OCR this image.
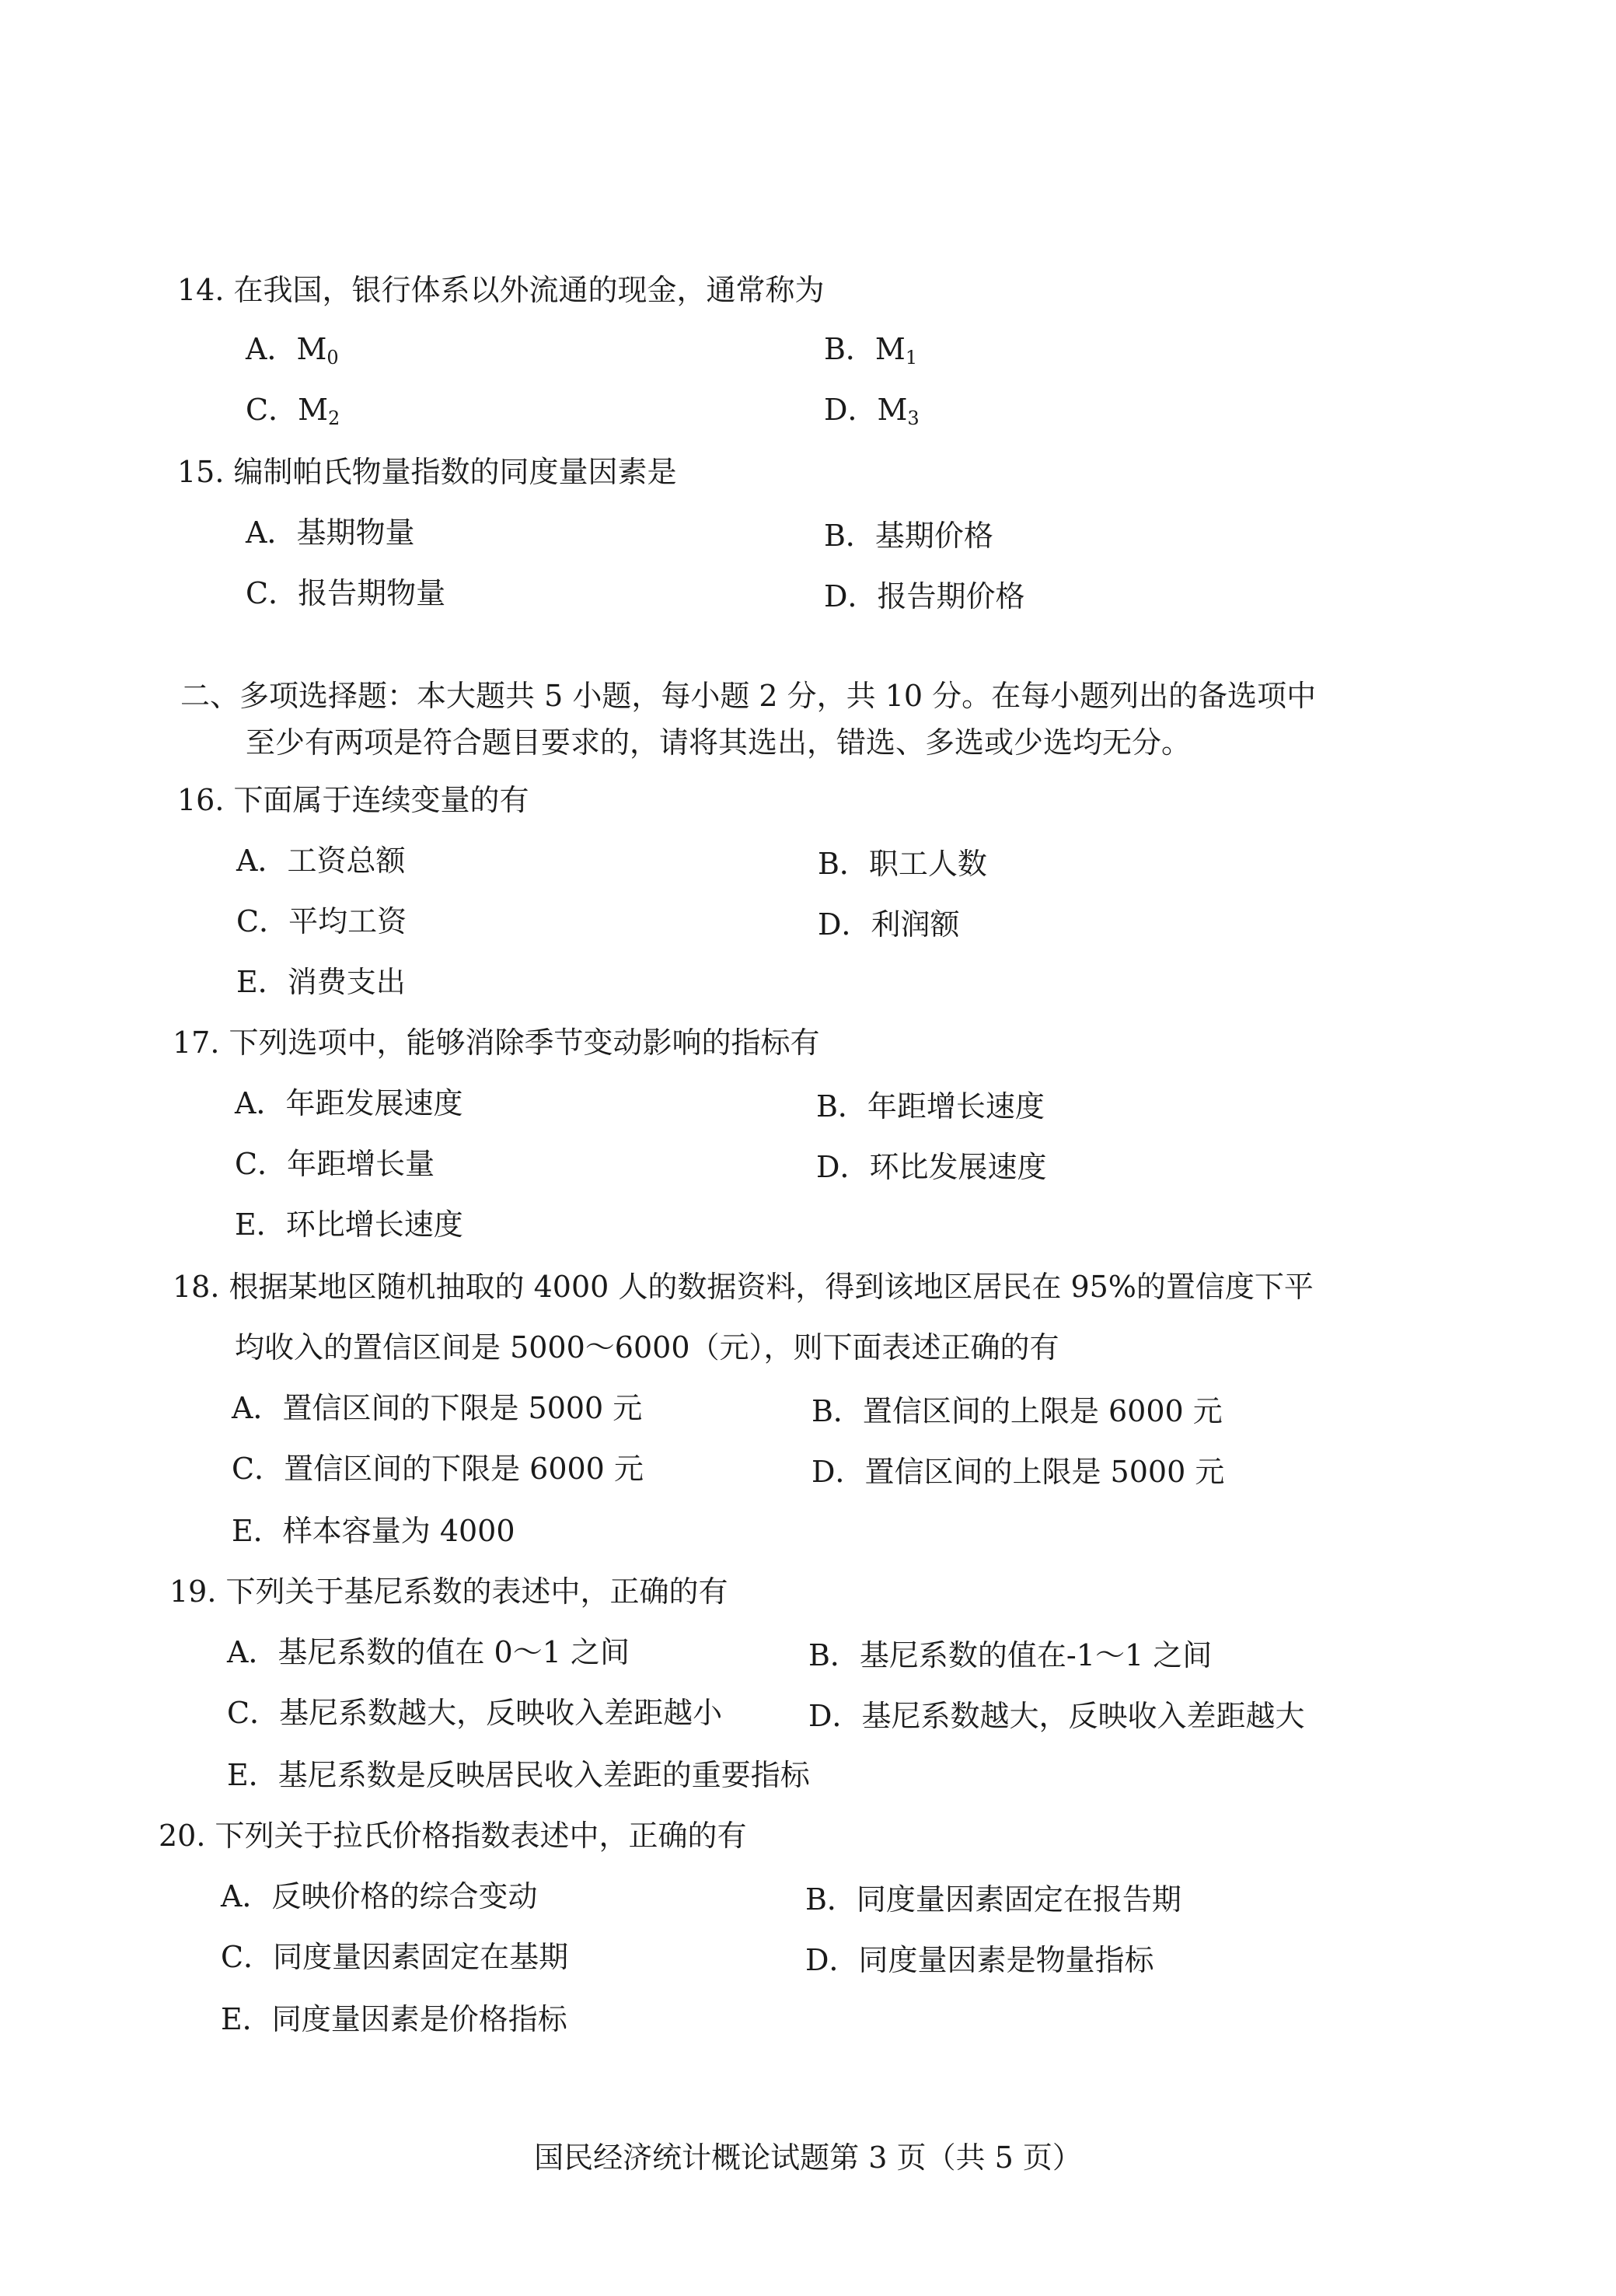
14. 在我国，银行体系以外流通的现金，通常称为
A．$M_0$	B．$M_1$
C．$M_2$	D．$M_3$
15. 编制帕氏物量指数的同度量因素是
A．基期物量	B．基期价格
C．报告期物量	D．报告期价格
二、多项选择题：本大题共 5 小题，每小题 2 分，共 10 分。在每小题列出的备选项中
至少有两项是符合题目要求的，请将其选出，错选、多选或少选均无分。
16. 下面属于连续变量的有
A．工资总额	B．职工人数
C．平均工资	D．利润额
E．消费支出
17. 下列选项中，能够消除季节变动影响的指标有
A．年距发展速度	B．年距增长速度
C．年距增长量	D．环比发展速度
E．环比增长速度
18. 根据某地区随机抽取的 4000 人的数据资料，得到该地区居民在 95%的置信度下平
均收入的置信区间是 5000～6000（元），则下面表述正确的有
A．置信区间的下限是 5000 元	B．置信区间的上限是 6000 元
C．置信区间的下限是 6000 元	D．置信区间的上限是 5000 元
E．样本容量为 4000
19. 下列关于基尼系数的表述中，正确的有
A．基尼系数的值在 0～1 之间	B．基尼系数的值在-1～1 之间
C．基尼系数越大，反映收入差距越小	D．基尼系数越大，反映收入差距越大
E．基尼系数是反映居民收入差距的重要指标
20. 下列关于拉氏价格指数表述中，正确的有
A．反映价格的综合变动	B．同度量因素固定在报告期
C．同度量因素固定在基期	D．同度量因素是物量指标
E．同度量因素是价格指标
国民经济统计概论试题第 3 页（共 5 页）
